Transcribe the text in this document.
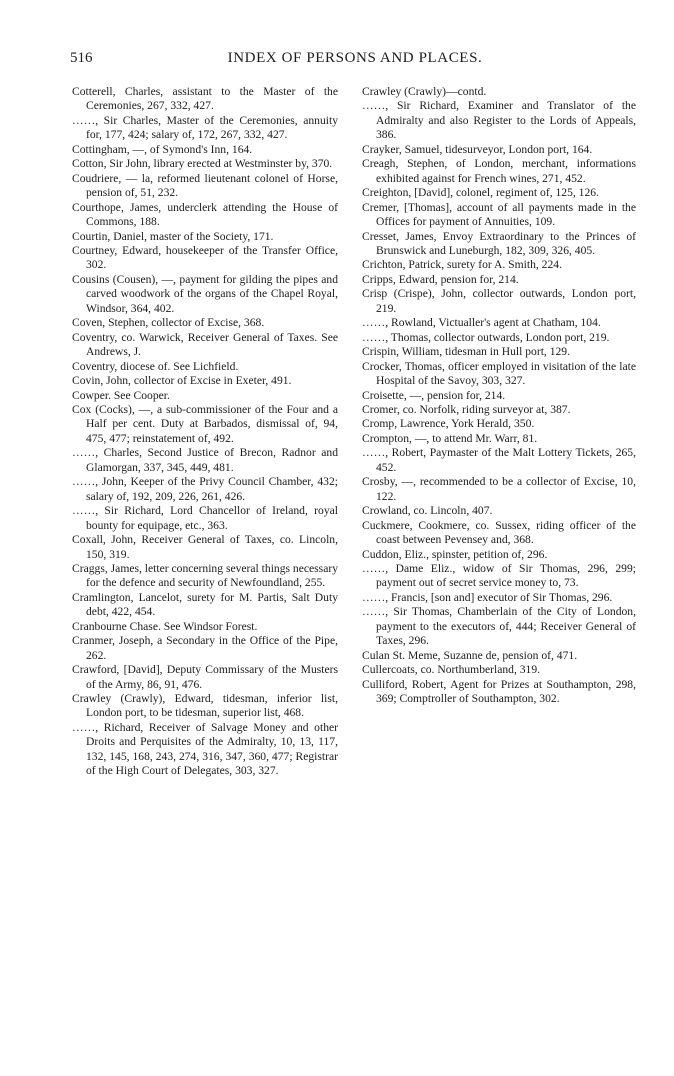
516	INDEX OF PERSONS AND PLACES.
Cotterell, Charles, assistant to the Master of the Ceremonies, 267, 332, 427.
……, Sir Charles, Master of the Ceremonies, annuity for, 177, 424; salary of, 172, 267, 332, 427.
Cottingham, —, of Symond's Inn, 164.
Cotton, Sir John, library erected at Westminster by, 370.
Coudriere, — la, reformed lieutenant colonel of Horse, pension of, 51, 232.
Courthope, James, underclerk attending the House of Commons, 188.
Courtin, Daniel, master of the Society, 171.
Courtney, Edward, housekeeper of the Transfer Office, 302.
Cousins (Cousen), —, payment for gilding the pipes and carved woodwork of the organs of the Chapel Royal, Windsor, 364, 402.
Coven, Stephen, collector of Excise, 368.
Coventry, co. Warwick, Receiver General of Taxes. See Andrews, J.
Coventry, diocese of. See Lichfield.
Covin, John, collector of Excise in Exeter, 491.
Cowper. See Cooper.
Cox (Cocks), —, a sub-commissioner of the Four and a Half per cent. Duty at Barbados, dismissal of, 94, 475, 477; reinstatement of, 492.
……, Charles, Second Justice of Brecon, Radnor and Glamorgan, 337, 345, 449, 481.
……, John, Keeper of the Privy Council Chamber, 432; salary of, 192, 209, 226, 261, 426.
……, Sir Richard, Lord Chancellor of Ireland, royal bounty for equipage, etc., 363.
Coxall, John, Receiver General of Taxes, co. Lincoln, 150, 319.
Craggs, James, letter concerning several things necessary for the defence and security of Newfoundland, 255.
Cramlington, Lancelot, surety for M. Partis, Salt Duty debt, 422, 454.
Cranbourne Chase. See Windsor Forest.
Cranmer, Joseph, a Secondary in the Office of the Pipe, 262.
Crawford, [David], Deputy Commissary of the Musters of the Army, 86, 91, 476.
Crawley (Crawly), Edward, tidesman, inferior list, London port, to be tidesman, superior list, 468.
……, Richard, Receiver of Salvage Money and other Droits and Perquisites of the Admiralty, 10, 13, 117, 132, 145, 168, 243, 274, 316, 347, 360, 477; Registrar of the High Court of Delegates, 303, 327.
Crawley (Crawly)—contd.
……, Sir Richard, Examiner and Translator of the Admiralty and also Register to the Lords of Appeals, 386.
Crayker, Samuel, tidesurveyor, London port, 164.
Creagh, Stephen, of London, merchant, informations exhibited against for French wines, 271, 452.
Creighton, [David], colonel, regiment of, 125, 126.
Cremer, [Thomas], account of all payments made in the Offices for payment of Annuities, 109.
Cresset, James, Envoy Extraordinary to the Princes of Brunswick and Luneburgh, 182, 309, 326, 405.
Crichton, Patrick, surety for A. Smith, 224.
Cripps, Edward, pension for, 214.
Crisp (Crispe), John, collector outwards, London port, 219.
……, Rowland, Victualler's agent at Chatham, 104.
……, Thomas, collector outwards, London port, 219.
Crispin, William, tidesman in Hull port, 129.
Crocker, Thomas, officer employed in visitation of the late Hospital of the Savoy, 303, 327.
Croisette, —, pension for, 214.
Cromer, co. Norfolk, riding surveyor at, 387.
Cromp, Lawrence, York Herald, 350.
Crompton, —, to attend Mr. Warr, 81.
……, Robert, Paymaster of the Malt Lottery Tickets, 265, 452.
Crosby, —, recommended to be a collector of Excise, 10, 122.
Crowland, co. Lincoln, 407.
Cuckmere, Cookmere, co. Sussex, riding officer of the coast between Pevensey and, 368.
Cuddon, Eliz., spinster, petition of, 296.
……, Dame Eliz., widow of Sir Thomas, 296, 299; payment out of secret service money to, 73.
……, Francis, [son and] executor of Sir Thomas, 296.
……, Sir Thomas, Chamberlain of the City of London, payment to the executors of, 444; Receiver General of Taxes, 296.
Culan St. Meme, Suzanne de, pension of, 471.
Cullercoats, co. Northumberland, 319.
Culliford, Robert, Agent for Prizes at Southampton, 298, 369; Comptroller of Southampton, 302.
